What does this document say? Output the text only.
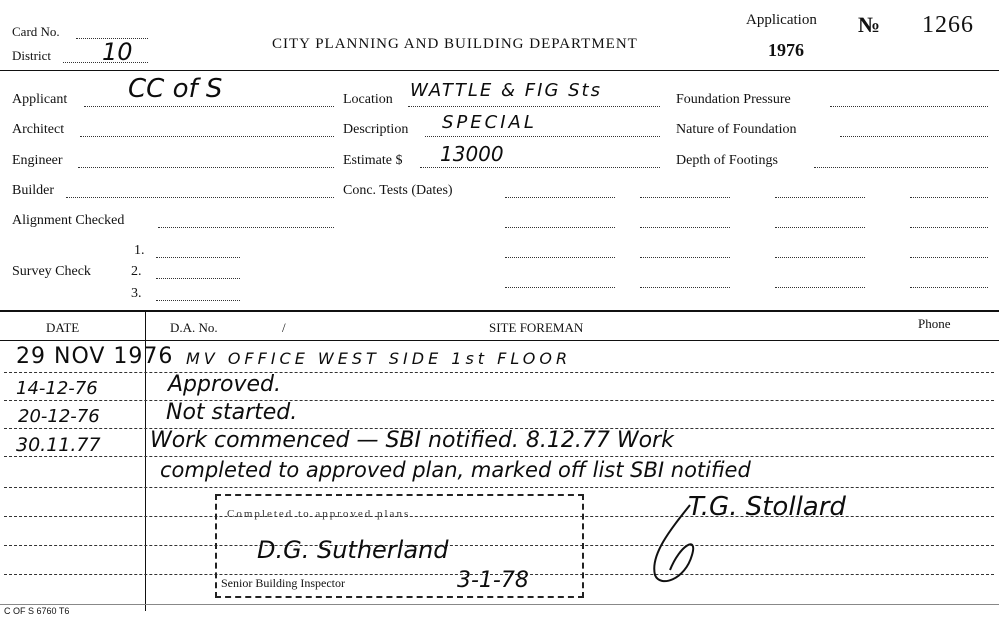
Card No.
District 10	CITY PLANNING AND BUILDING DEPARTMENT
Application
1976
№ 1266
Applicant CC of S
Architect
Engineer
Builder
Alignment Checked
Survey Check
1.
2.
3.
Location WATTLE & FIG Sts
Description SPECIAL
Estimate $ 13000
Conc. Tests (Dates)
Foundation Pressure
Nature of Foundation
Depth of Footings
DATE	D.A. No.	/	SITE FOREMAN	Phone
29 NOV 1976 MV OFFICE WEST SIDE 1st FLOOR
14-12-76	Approved.
20-12-76	Not started.
30.11.77 Work commenced — SBI notified. 8.12.77 Work
completed to approved plan, marked off list SBI notified
T.G. Stollard
Completed to approved plans
D.G. Sutherland
Senior Building Inspector	3-1-78
C OF S 6760 T6
